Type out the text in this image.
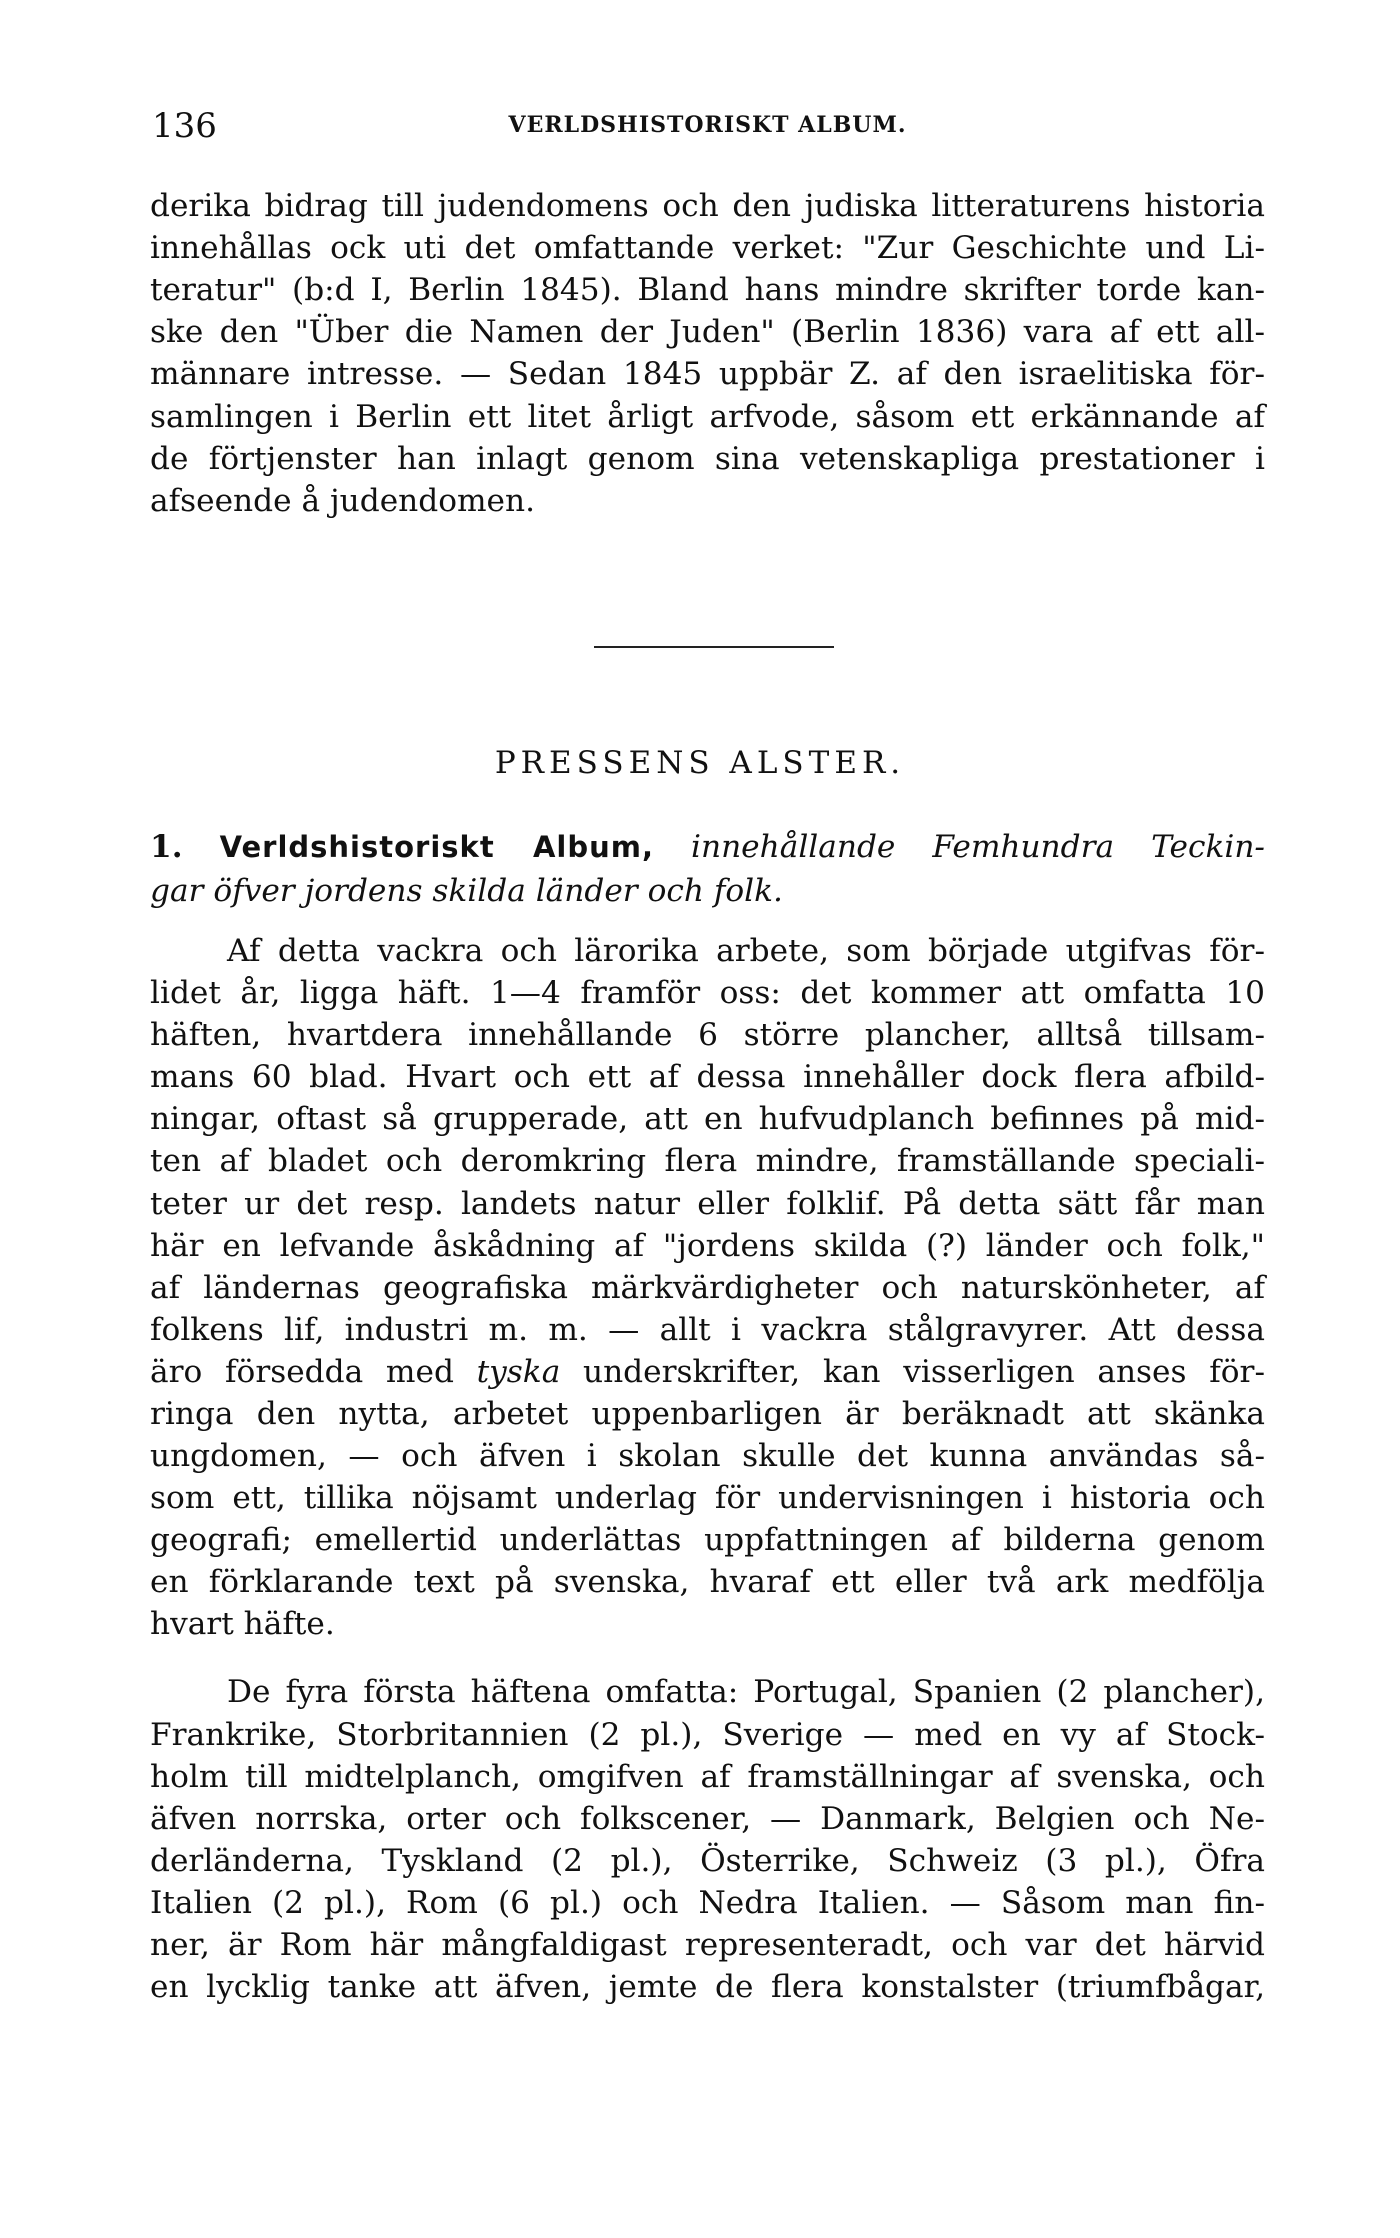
136	VERLDSHISTORISKT ALBUM.
derika bidrag till judendomens och den judiska litteraturens historia
innehållas ock uti det omfattande verket: "Zur Geschichte und Li-
teratur" (b:d I, Berlin 1845). Bland hans mindre skrifter torde kan-
ske den "Über die Namen der Juden" (Berlin 1836) vara af ett all-
männare intresse. — Sedan 1845 uppbär Z. af den israelitiska för-
samlingen i Berlin ett litet årligt arfvode, såsom ett erkännande af
de förtjenster han inlagt genom sina vetenskapliga prestationer i
afseende å judendomen.
PRESSENS ALSTER.
1. Verldshistoriskt Album, innehållande Femhundra Teckin-
gar öfver jordens skilda länder och folk.
Af detta vackra och lärorika arbete, som började utgifvas för-
lidet år, ligga häft. 1—4 framför oss: det kommer att omfatta 10
häften, hvartdera innehållande 6 större plancher, alltså tillsam-
mans 60 blad. Hvart och ett af dessa innehåller dock flera afbild-
ningar, oftast så grupperade, att en hufvudplanch befinnes på mid-
ten af bladet och deromkring flera mindre, framställande speciali-
teter ur det resp. landets natur eller folklif. På detta sätt får man
här en lefvande åskådning af "jordens skilda (?) länder och folk,"
af ländernas geografiska märkvärdigheter och naturskönheter, af
folkens lif, industri m. m. — allt i vackra stålgravyrer. Att dessa
äro försedda med tyska underskrifter, kan visserligen anses för-
ringa den nytta, arbetet uppenbarligen är beräknadt att skänka
ungdomen, — och äfven i skolan skulle det kunna användas så-
som ett, tillika nöjsamt underlag för undervisningen i historia och
geografi; emellertid underlättas uppfattningen af bilderna genom
en förklarande text på svenska, hvaraf ett eller två ark medfölja
hvart häfte.
De fyra första häftena omfatta: Portugal, Spanien (2 plancher),
Frankrike, Storbritannien (2 pl.), Sverige — med en vy af Stock-
holm till midtelplanch, omgifven af framställningar af svenska, och
äfven norrska, orter och folkscener, — Danmark, Belgien och Ne-
derländerna, Tyskland (2 pl.), Österrike, Schweiz (3 pl.), Öfra
Italien (2 pl.), Rom (6 pl.) och Nedra Italien. — Såsom man fin-
ner, är Rom här mångfaldigast representeradt, och var det härvid
en lycklig tanke att äfven, jemte de flera konstalster (triumfbågar,
